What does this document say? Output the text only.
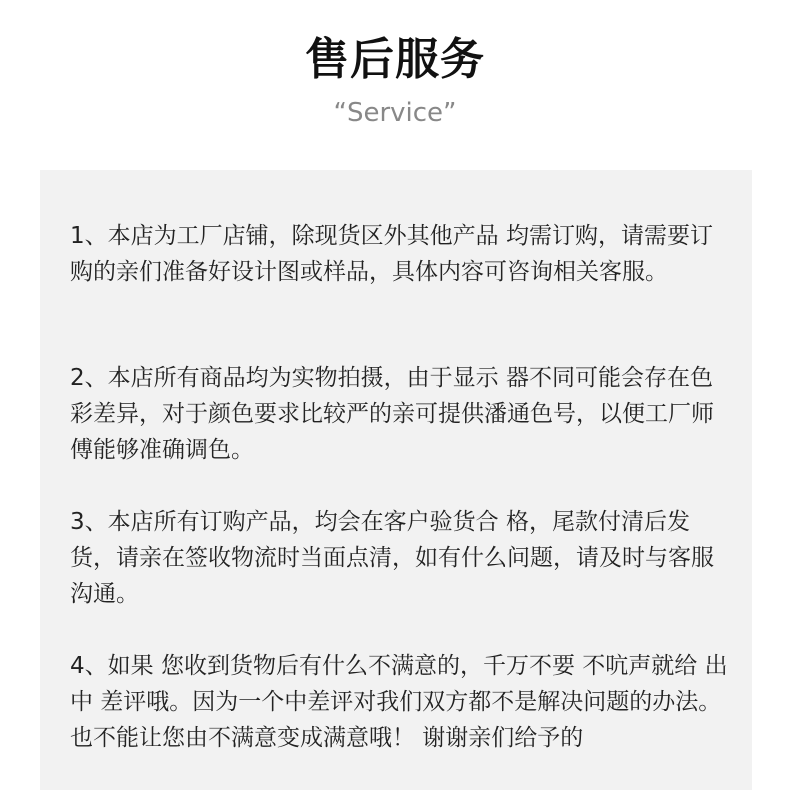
售后服务
“Service”
1、本店为工厂店铺，除现货区外其他产品 均需订购，请需要订购的亲们准备好设计图或样品，具体内容可咨询相关客服。
2、本店所有商品均为实物拍摄，由于显示 器不同可能会存在色彩差异，对于颜色要求比较严的亲可提供潘通色号，以便工厂师傅能够准确调色。
3、本店所有订购产品，均会在客户验货合 格，尾款付清后发货，请亲在签收物流时当面点清，如有什么问题，请及时与客服沟通。
4、如果 您收到货物后有什么不满意的，千万不要 不吭声就给 出中 差评哦。因为一个中差评对我们双方都不是解决问题的办法。也不能让您由不满意变成满意哦！ 谢谢亲们给予的
